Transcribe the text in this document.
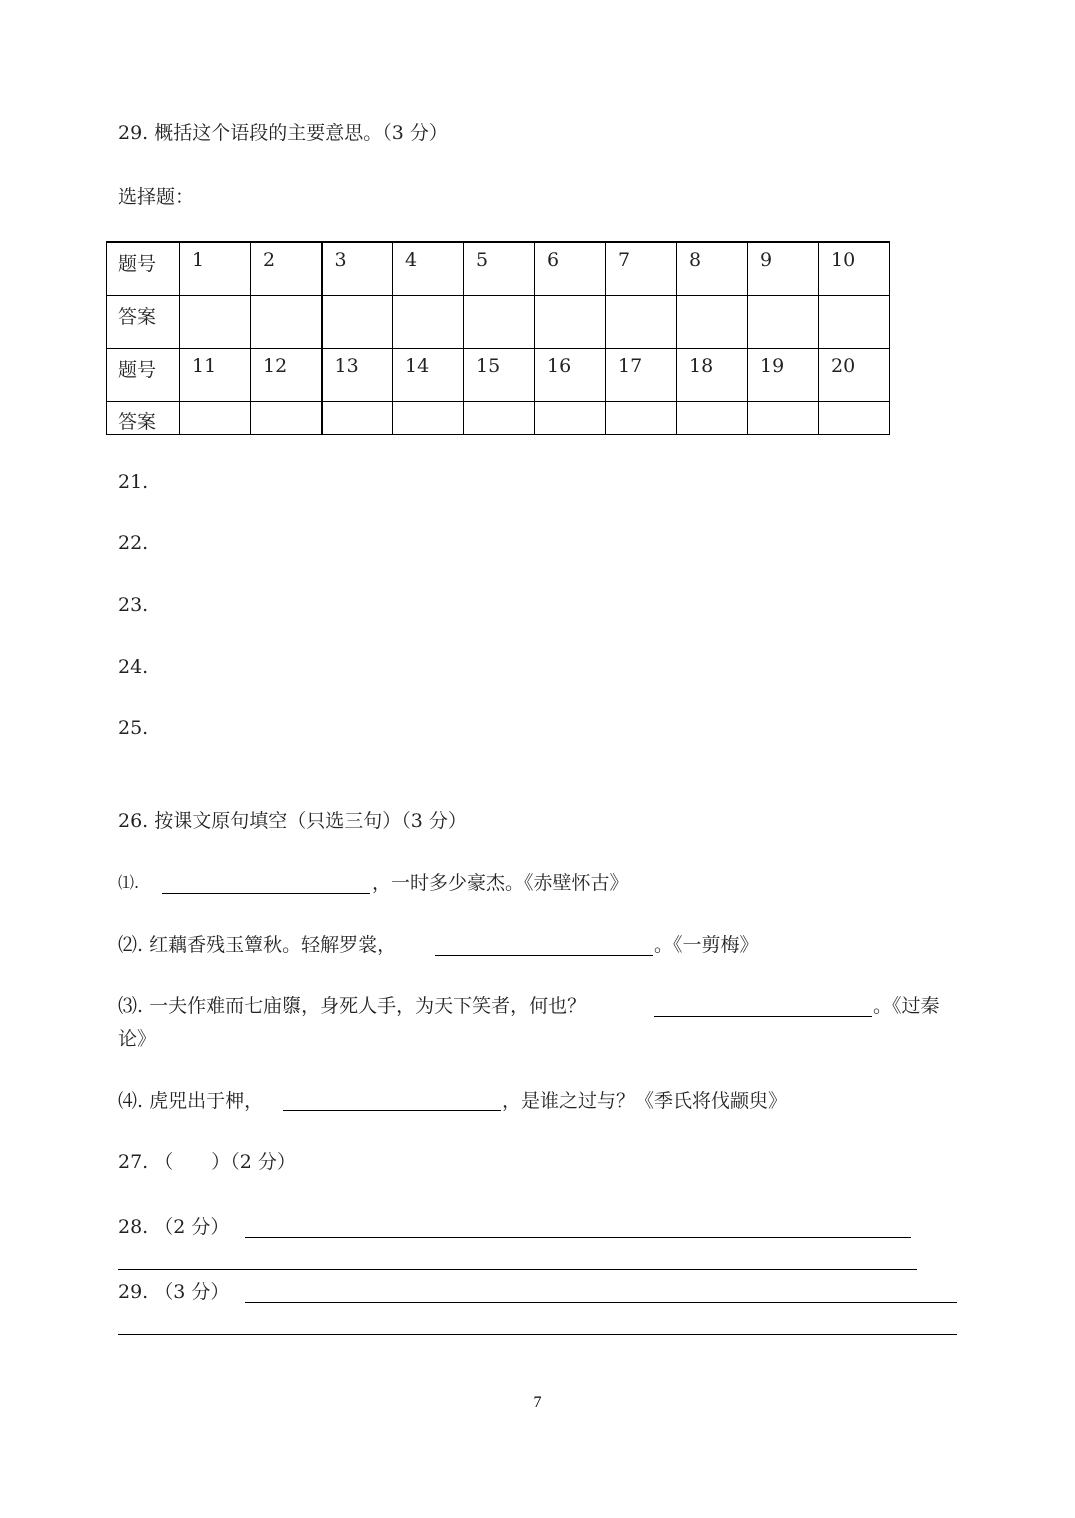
29. 概括这个语段的主要意思。（3 分）
选择题：
题号	1	2	3	4	5	6	7	8	9	10
答案										
题号	11	12	13	14	15	16	17	18	19	20
答案										
21.
22.
23.
24.
25.
26. 按课文原句填空（只选三句）（3 分）
⑴.	，一时多少豪杰。《赤壁怀古》
⑵. 红藕香残玉簟秋。轻解罗裳，	。《一剪梅》
⑶. 一夫作难而七庙隳，身死人手，为天下笑者，何也？	。《过秦
论》
⑷. 虎兕出于柙，	，是谁之过与？《季氏将伐颛臾》
27. （　　）（2 分）
28. （2 分）
29. （3 分）
7
